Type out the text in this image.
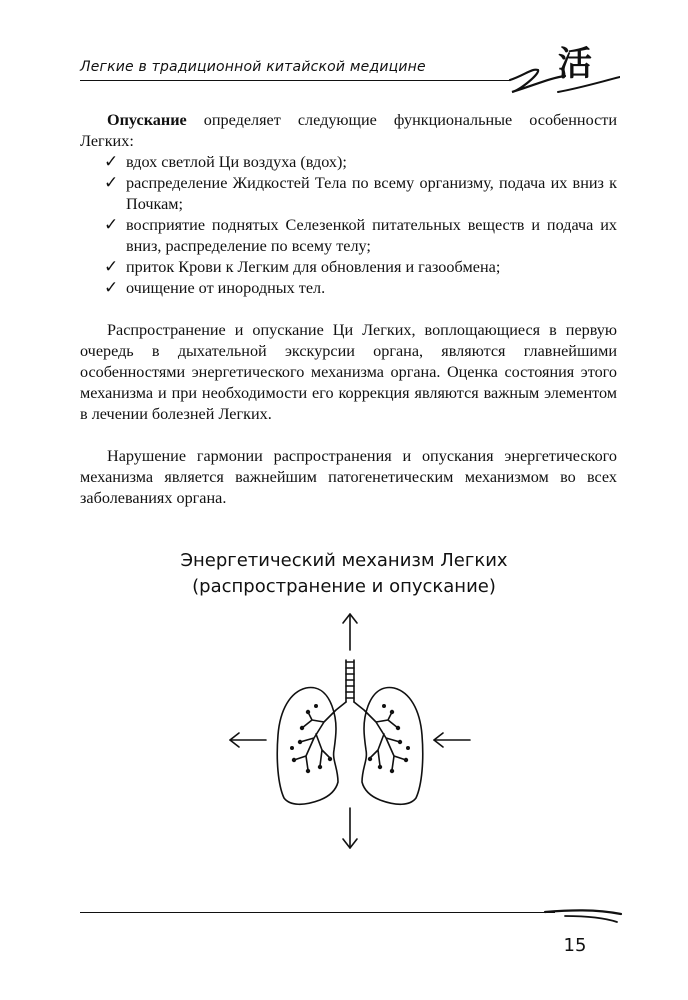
Легкие в традиционной китайской медицине	活
Опускание определяет следующие функциональные особенности Легких:
✓ вдох светлой Ци воздуха (вдох);
✓ распределение Жидкостей Тела по всему организму, подача их вниз к Почкам;
✓ восприятие поднятых Селезенкой питательных веществ и подача их вниз, распределение по всему телу;
✓ приток Крови к Легким для обновления и газообмена;
✓ очищение от инородных тел.

Распространение и опускание Ци Легких, воплощающиеся в первую очередь в дыхательной экскурсии органа, являются главнейшими особенностями энергетического механизма органа. Оценка состояния этого механизма и при необходимости его коррекция являются важным элементом в лечении болезней Легких.

Нарушение гармонии распространения и опускания энергетического механизма является важнейшим патогенетическим механизмом во всех заболеваниях органа.

Энергетический механизм Легких
(распространение и опускание)
15
